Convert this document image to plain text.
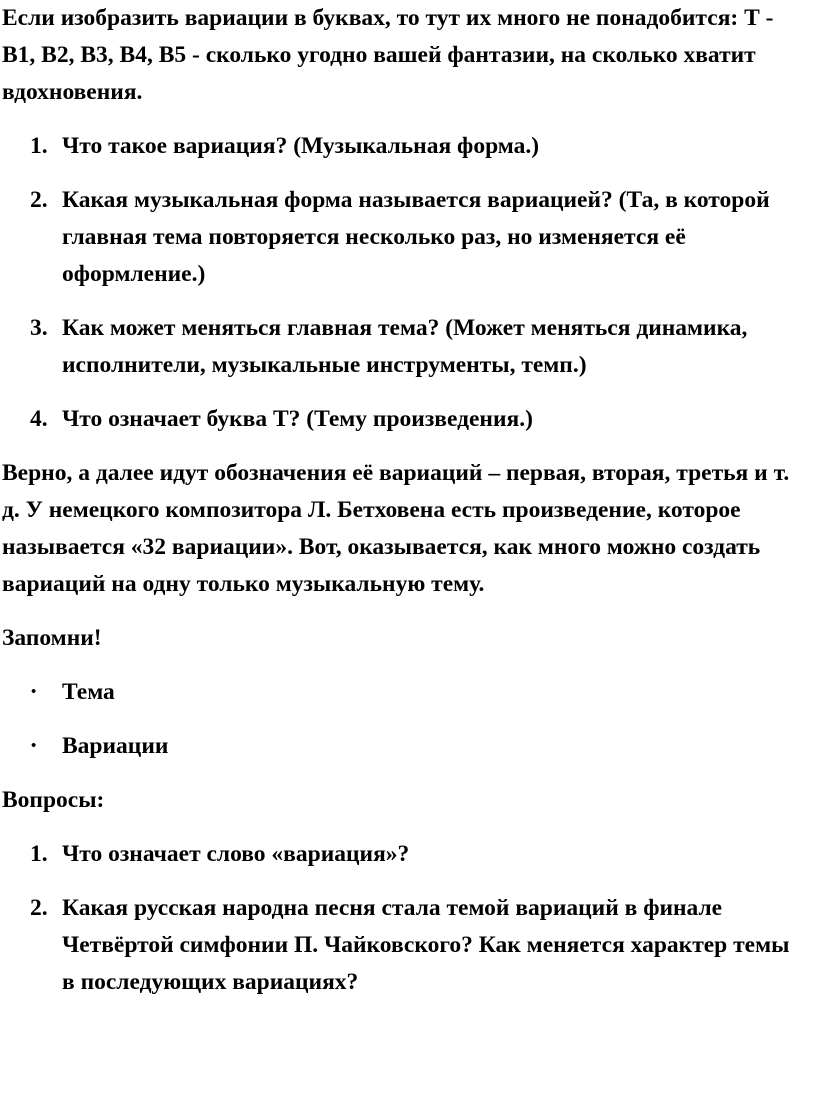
Если изобразить вариации в буквах, то тут их много не понадобится: Т - В1, В2, В3, В4, В5 - сколько угодно вашей фантазии, на сколько хватит вдохновения.

1. Что такое вариация? (Музыкальная форма.)
2. Какая музыкальная форма называется вариацией? (Та, в которой главная тема повторяется несколько раз, но изменяется её оформление.)
3. Как может меняться главная тема? (Может меняться динамика, исполнители, музыкальные инструменты, темп.)
4. Что означает буква Т? (Тему произведения.)

Верно, а далее идут обозначения её вариаций – первая, вторая, третья и т. д. У немецкого композитора Л. Бетховена есть произведение, которое называется «32 вариации». Вот, оказывается, как много можно создать вариаций на одну только музыкальную тему.

Запомни!

• Тема
• Вариации

Вопросы:

1. Что означает слово «вариация»?
2. Какая русская народна песня стала темой вариаций в финале Четвёртой симфонии П. Чайковского? Как меняется характер темы в последующих вариациях?
